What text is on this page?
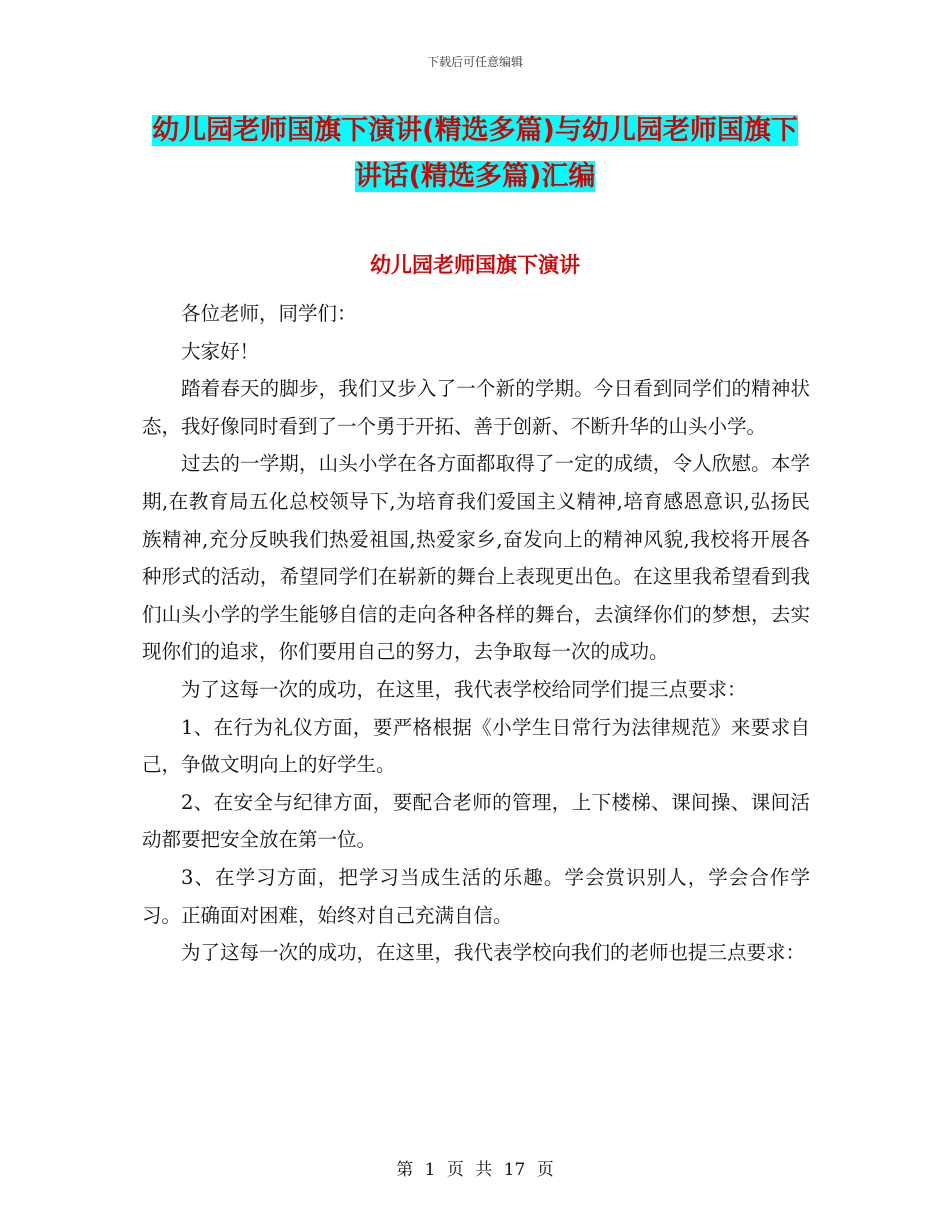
下载后可任意编辑
幼儿园老师国旗下演讲(精选多篇)与幼儿园老师国旗下讲话(精选多篇)汇编
幼儿园老师国旗下演讲

各位老师，同学们：

大家好！

踏着春天的脚步，我们又步入了一个新的学期。今日看到同学们的精神状态，我好像同时看到了一个勇于开拓、善于创新、不断升华的山头小学。

过去的一学期，山头小学在各方面都取得了一定的成绩，令人欣慰。本学期,在教育局五化总校领导下,为培育我们爱国主义精神,培育感恩意识,弘扬民族精神,充分反映我们热爱祖国,热爱家乡,奋发向上的精神风貌,我校将开展各种形式的活动，希望同学们在崭新的舞台上表现更出色。在这里我希望看到我们山头小学的学生能够自信的走向各种各样的舞台，去演绎你们的梦想，去实现你们的追求，你们要用自己的努力，去争取每一次的成功。

为了这每一次的成功，在这里，我代表学校给同学们提三点要求：

1、在行为礼仪方面，要严格根据《小学生日常行为法律规范》来要求自己，争做文明向上的好学生。

2、在安全与纪律方面，要配合老师的管理，上下楼梯、课间操、课间活动都要把安全放在第一位。

3、在学习方面，把学习当成生活的乐趣。学会赏识别人，学会合作学习。正确面对困难，始终对自己充满自信。

为了这每一次的成功，在这里，我代表学校向我们的老师也提三点要求：

第 1 页 共 17 页
